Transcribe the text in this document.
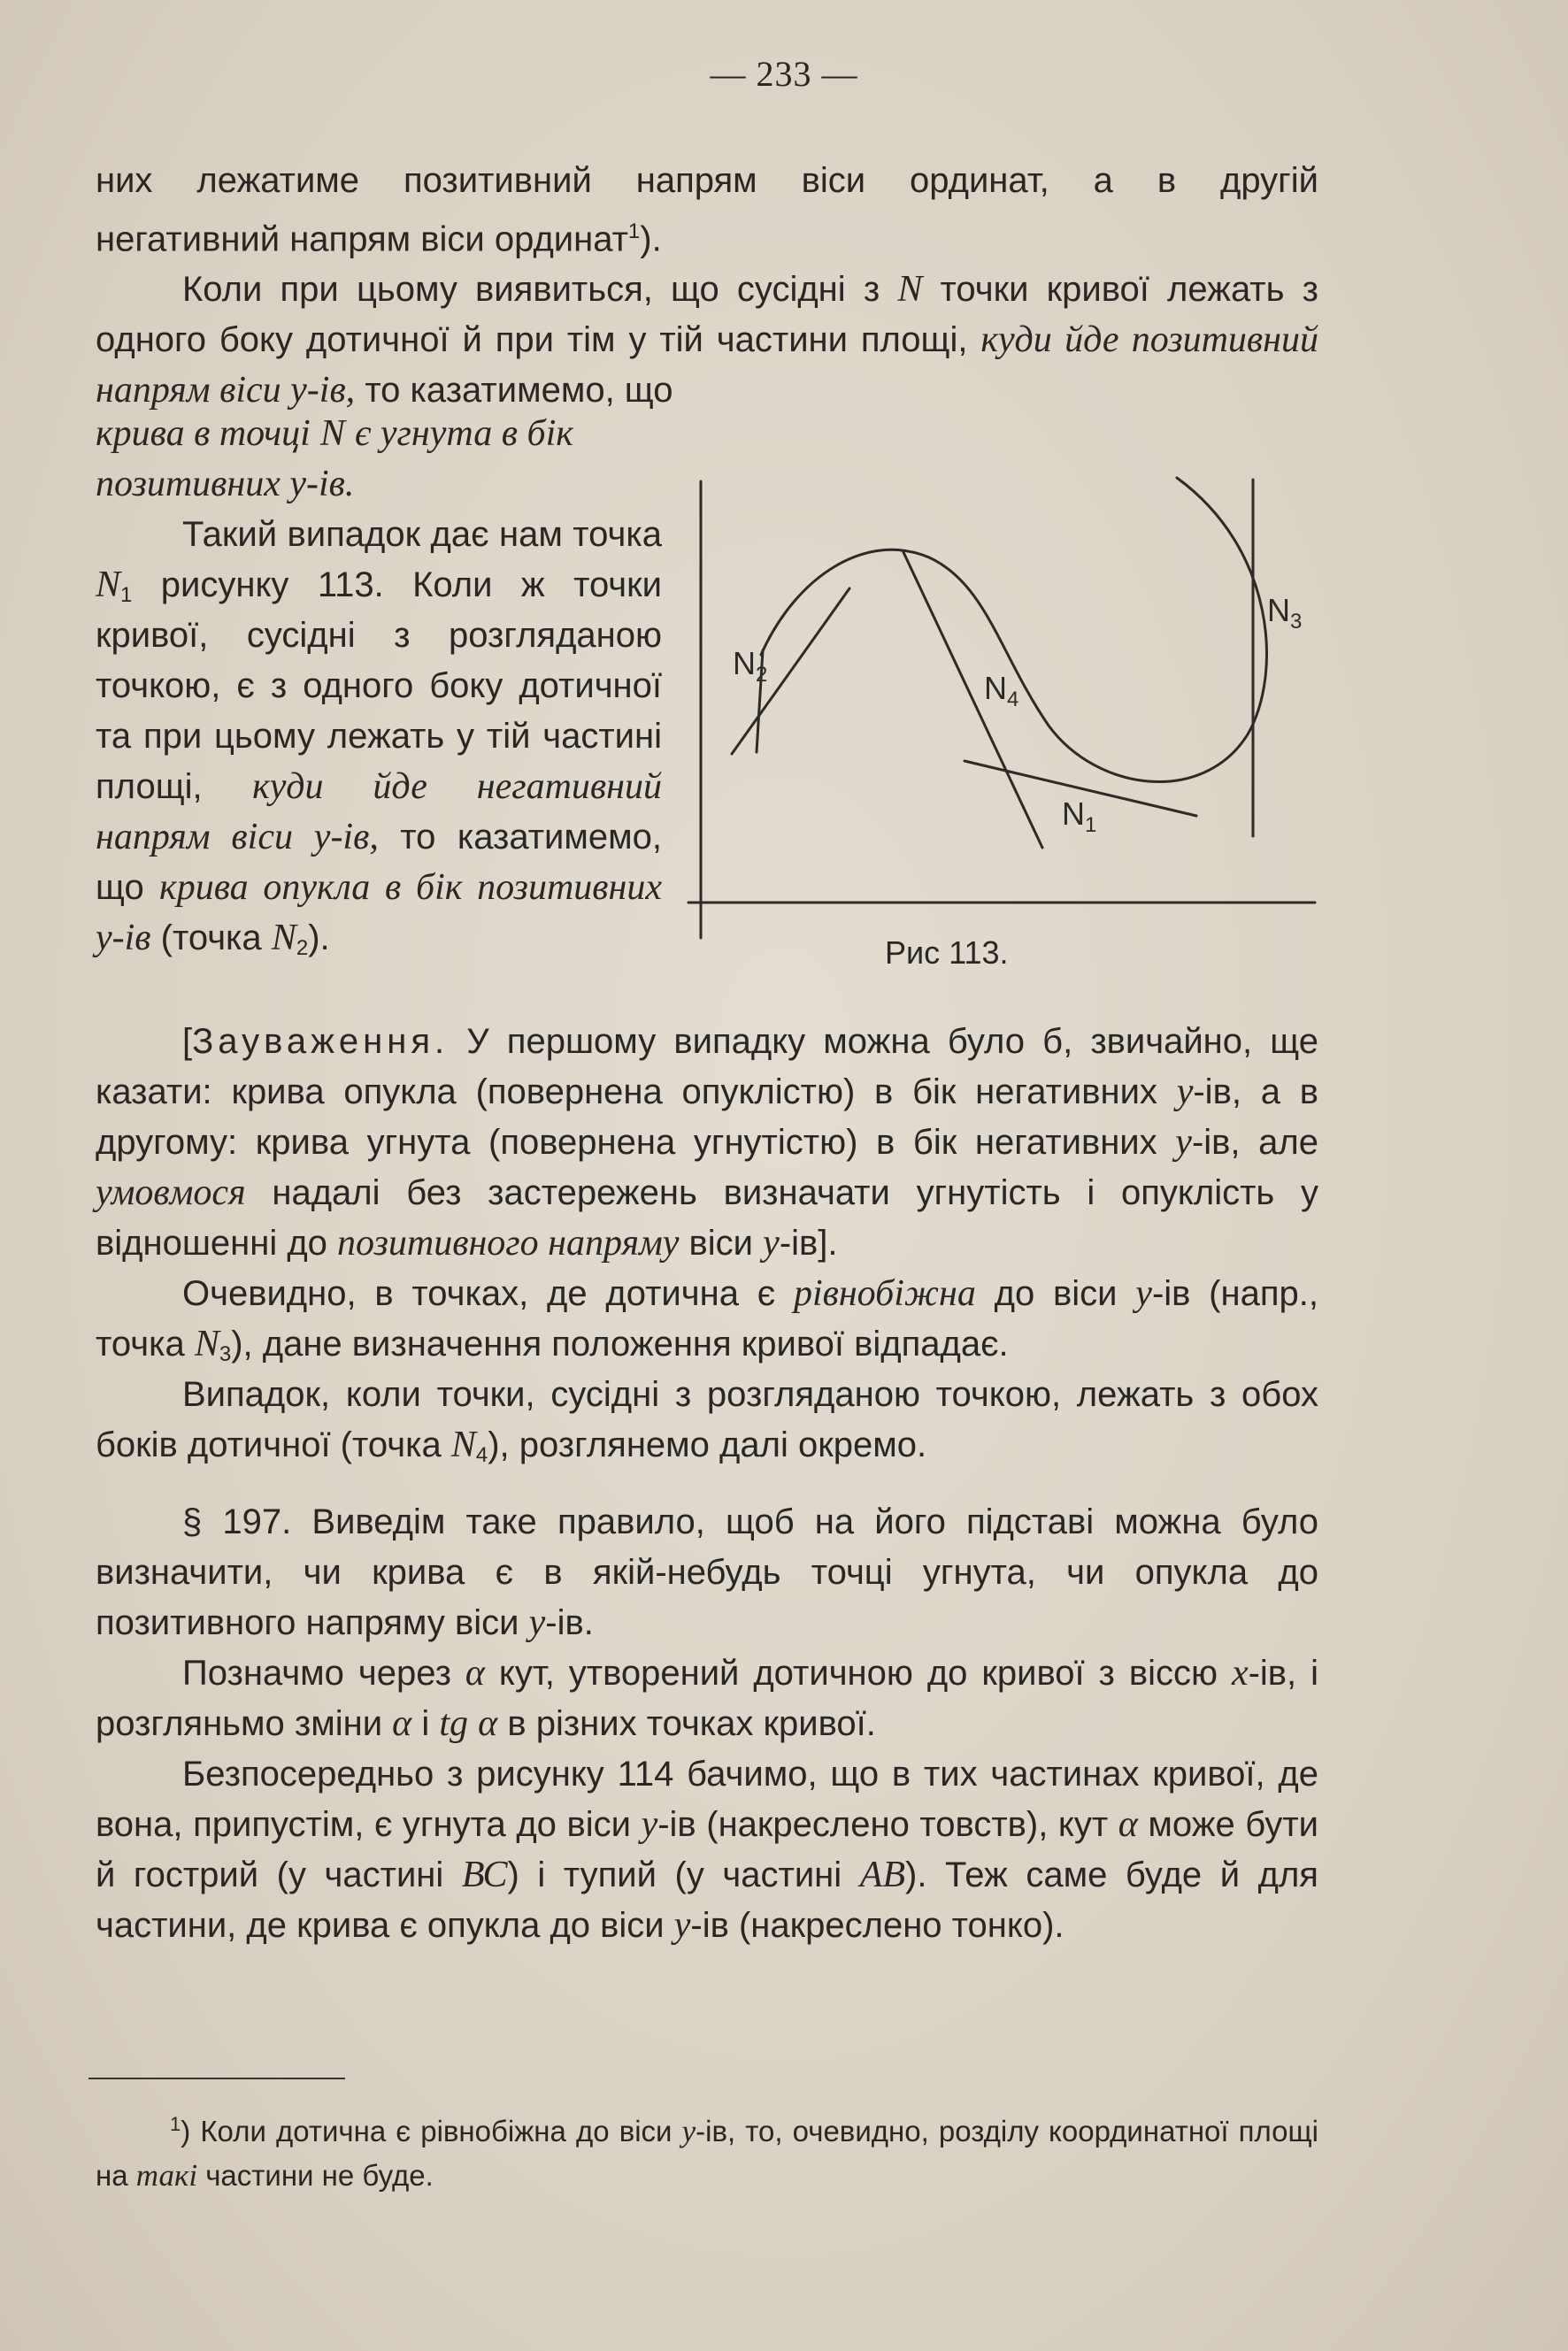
— 233 —

них лежатиме позитивний напрям віси ординат, а в другій

негативний напрям віси ординат$^1$).

Коли при цьому виявиться, що сусідні з N точки кривої лежать з одного боку дотичної й при тім у тій частини площі, куди йде позитивний напрям віси у-ів, то казатимемо, що

крива в точці N є угнута в бік позитивних у-ів.

Такий випадок дає нам точка $N_1$ рисунку 113. Коли ж точки кривої, сусідні з розгляданою точкою, є з одного боку дотичної та при цьому лежать у тій частині площі, куди йде негативний напрям віси у-ів, то казатимемо, що крива опукла в бік позитивних у-ів (точка $N_2$).

$N_2$	$N_4$
$N_1$
$N_3$
Рис 113.

[Зауваження. У першому випадку можна було б, звичайно, ще казати: крива опукла (повернена опуклістю) в бік негативних у-ів, а в другому: крива угнута (повернена угнутістю) в бік негативних у-ів, але умовмося надалі без застережень визначати угнутість і опуклість у відношенні до позитивного напряму віси у-ів].

Очевидно, в точках, де дотична є рівнобіжна до віси у-ів (напр., точка $N_3$), дане визначення положення кривої відпадає.

Випадок, коли точки, сусідні з розгляданою точкою, лежать з обох боків дотичної (точка $N_4$), розглянемо далі окремо.

§ 197. Виведім таке правило, щоб на його підставі можна було визначити, чи крива є в якій-небудь точці угнута, чи опукла до позитивного напряму віси у-ів.

Позначмо через α кут, утворений дотичною до кривої з віссю х-ів, і розгляньмо зміни α і tg α в різних точках кривої.

Безпосередньо з рисунку 114 бачимо, що в тих частинах кривої, де вона, припустім, є угнута до віси у-ів (накреслено товств), кут α може бути й гострий (у частині ВС) і тупий (у частині АВ). Теж саме буде й для частини, де крива є опукла до віси у-ів (накреслено тонко).

$^1$) Коли дотична є рівнобіжна до віси у-ів, то, очевидно, розділу координатної площі на такі частини не буде.
